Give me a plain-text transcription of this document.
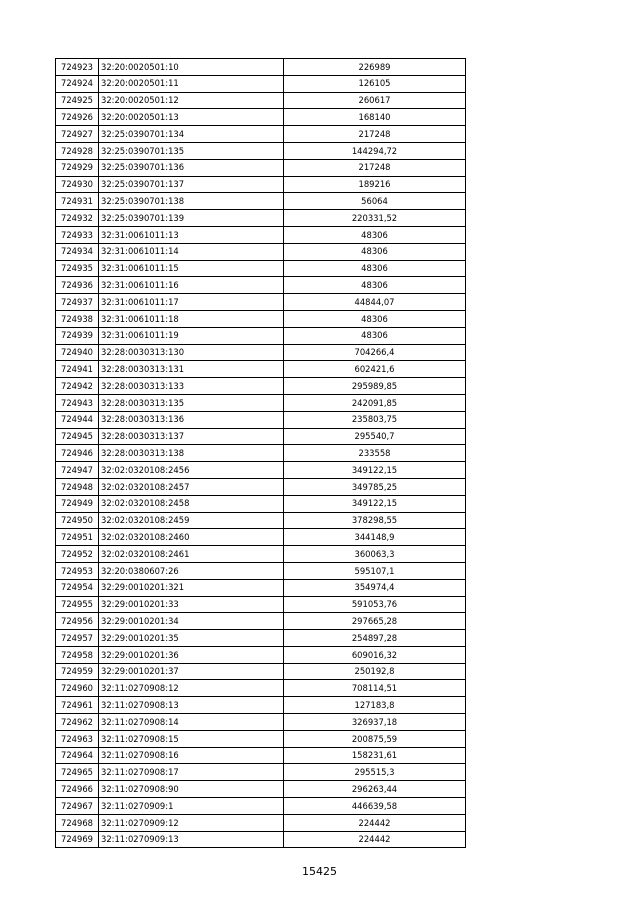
724923	32:20:0020501:10	226989
724924	32:20:0020501:11	126105
724925	32:20:0020501:12	260617
724926	32:20:0020501:13	168140
724927	32:25:0390701:134	217248
724928	32:25:0390701:135	144294,72
724929	32:25:0390701:136	217248
724930	32:25:0390701:137	189216
724931	32:25:0390701:138	56064
724932	32:25:0390701:139	220331,52
724933	32:31:0061011:13	48306
724934	32:31:0061011:14	48306
724935	32:31:0061011:15	48306
724936	32:31:0061011:16	48306
724937	32:31:0061011:17	44844,07
724938	32:31:0061011:18	48306
724939	32:31:0061011:19	48306
724940	32:28:0030313:130	704266,4
724941	32:28:0030313:131	602421,6
724942	32:28:0030313:133	295989,85
724943	32:28:0030313:135	242091,85
724944	32:28:0030313:136	235803,75
724945	32:28:0030313:137	295540,7
724946	32:28:0030313:138	233558
724947	32:02:0320108:2456	349122,15
724948	32:02:0320108:2457	349785,25
724949	32:02:0320108:2458	349122,15
724950	32:02:0320108:2459	378298,55
724951	32:02:0320108:2460	344148,9
724952	32:02:0320108:2461	360063,3
724953	32:20:0380607:26	595107,1
724954	32:29:0010201:321	354974,4
724955	32:29:0010201:33	591053,76
724956	32:29:0010201:34	297665,28
724957	32:29:0010201:35	254897,28
724958	32:29:0010201:36	609016,32
724959	32:29:0010201:37	250192,8
724960	32:11:0270908:12	708114,51
724961	32:11:0270908:13	127183,8
724962	32:11:0270908:14	326937,18
724963	32:11:0270908:15	200875,59
724964	32:11:0270908:16	158231,61
724965	32:11:0270908:17	295515,3
724966	32:11:0270908:90	296263,44
724967	32:11:0270909:1	446639,58
724968	32:11:0270909:12	224442
724969	32:11:0270909:13	224442
15425
